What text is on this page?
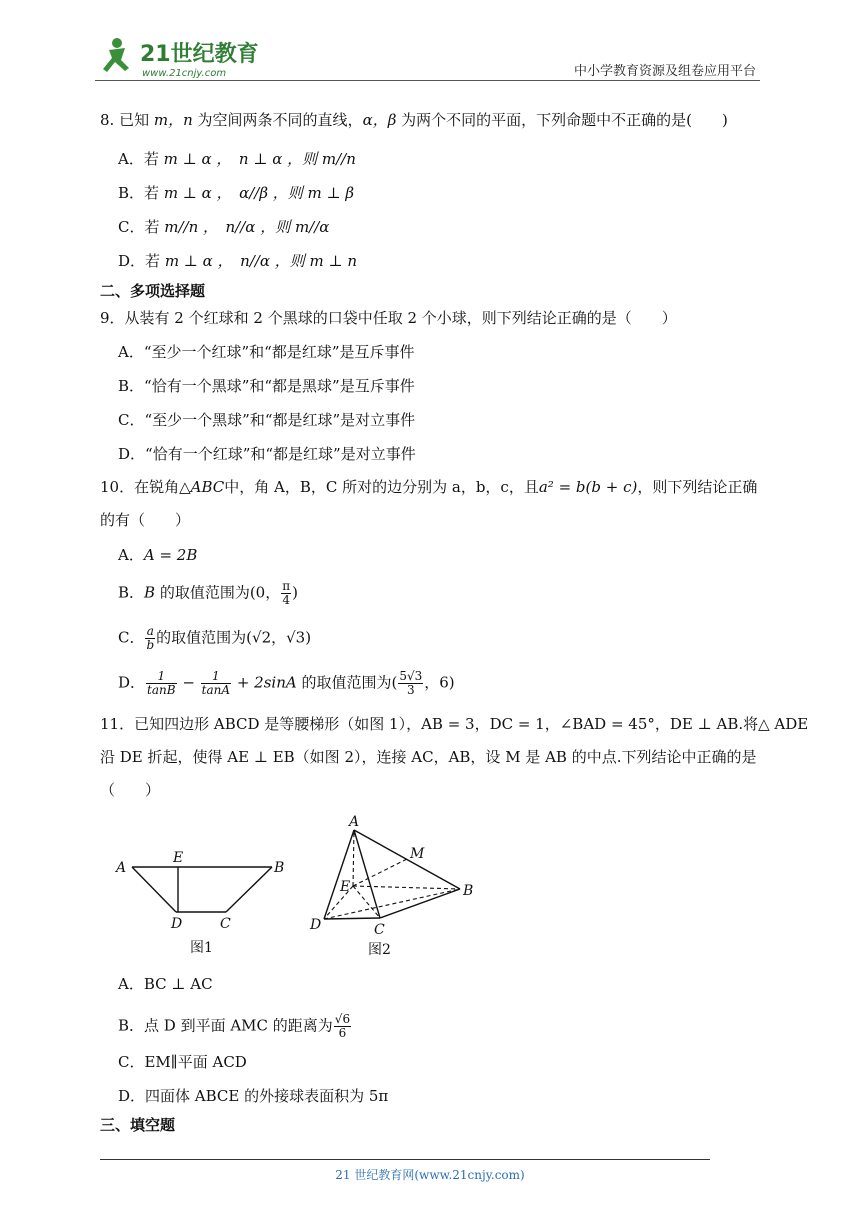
21世纪教育
www.21cnjy.com	中小学教育资源及组卷应用平台
8. 已知 m，n 为空间两条不同的直线，α，β 为两个不同的平面，下列命题中不正确的是(　　)
A．若 m ⊥ α ，　n ⊥ α ，则 m//n
B．若 m ⊥ α ，　α//β ，则 m ⊥ β
C．若 m//n ，　n//α ，则 m//α
D．若 m ⊥ α ，　n//α ，则 m ⊥ n
二、多项选择题
9．从装有 2 个红球和 2 个黑球的口袋中任取 2 个小球，则下列结论正确的是（　　）
A．“至少一个红球”和“都是红球”是互斥事件
B．“恰有一个黑球”和“都是黑球”是互斥事件
C．“至少一个黑球”和“都是红球”是对立事件
D．“恰有一个红球”和“都是红球”是对立事件
10．在锐角△ABC中，角 A，B，C 所对的边分别为 a，b，c，且a² = b(b + c)，则下列结论正确
的有（　　）
A．A = 2B
B．B 的取值范围为(0， $\frac{\pi}{4}$ )
C． $\frac{a}{b}$ 的取值范围为(√2，√3)
D． $\frac{1}{\tan B} - \frac{1}{\tan A} + 2\sin A$ 的取值范围为( $\frac{5√3}{3}$ ，6)
11．已知四边形 ABCD 是等腰梯形（如图 1），AB = 3，DC = 1，∠BAD = 45°，DE ⊥ AB.将△ ADE
沿 DE 折起，使得 AE ⊥ EB（如图 2），连接 AC，AB，设 M 是 AB 的中点.下列结论中正确的是
（　　）
A
E
B
D	C
图1
A
M
E	B
D	C
图2
A．BC ⊥ AC
B．点 D 到平面 AMC 的距离为 $\frac{√6}{6}$
C．EM∥平面 ACD
D．四面体 ABCE 的外接球表面积为 5π
三、填空题
21 世纪教育网(www.21cnjy.com)
